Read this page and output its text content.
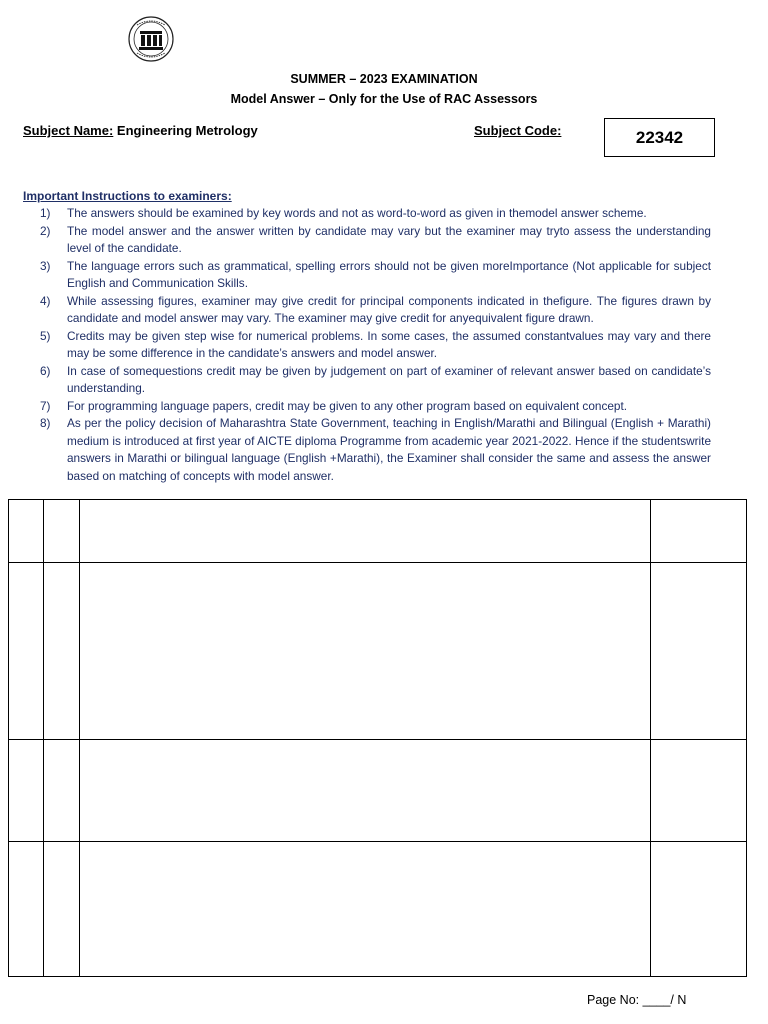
SUMMER – 2023 EXAMINATION
Model Answer – Only for the Use of RAC Assessors
Subject Name: Engineering Metrology	Subject Code:	22342
Important Instructions to examiners:
1) The answers should be examined by key words and not as word-to-word as given in themodel answer scheme.
2) The model answer and the answer written by candidate may vary but the examiner may tryto assess the understanding level of the candidate.
3) The language errors such as grammatical, spelling errors should not be given moreImportance (Not applicable for subject English and Communication Skills.
4) While assessing figures, examiner may give credit for principal components indicated in thefigure. The figures drawn by candidate and model answer may vary. The examiner may give credit for anyequivalent figure drawn.
5) Credits may be given step wise for numerical problems. In some cases, the assumed constantvalues may vary and there may be some difference in the candidate’s answers and model answer.
6) In case of somequestions credit may be given by judgement on part of examiner of relevant answer based on candidate’s understanding.
7) For programming language papers, credit may be given to any other program based on equivalent concept.
8) As per the policy decision of Maharashtra State Government, teaching in English/Marathi and Bilingual (English + Marathi) medium is introduced at first year of AICTE diploma Programme from academic year 2021-2022. Hence if the studentswrite answers in Marathi or bilingual language (English +Marathi), the Examiner shall consider the same and assess the answer based on matching of concepts with model answer.

Page No: ____/ N
